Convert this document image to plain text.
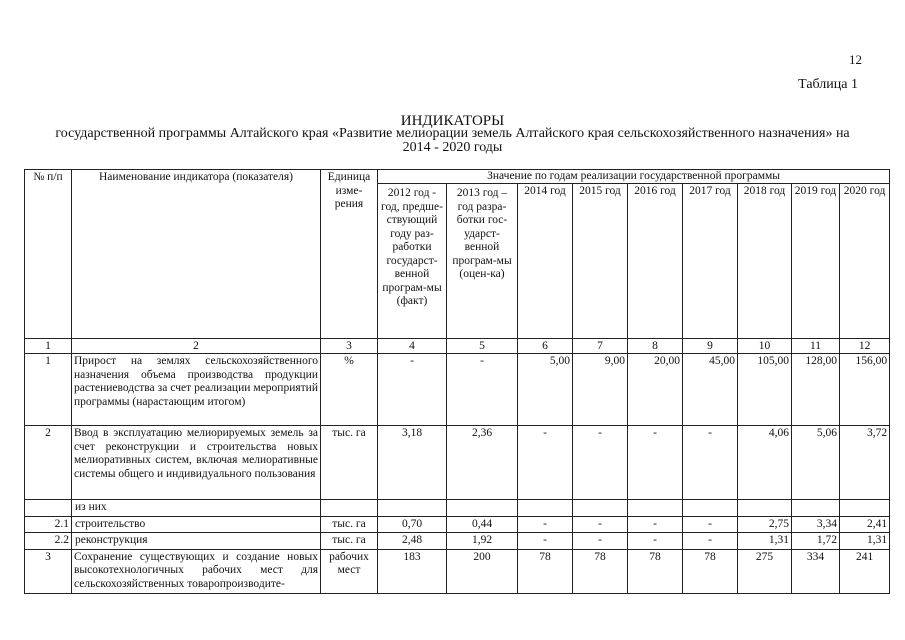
12
Таблица 1
ИНДИКАТОРЫ
государственной программы Алтайского края «Развитие мелиорации земель Алтайского края сельскохозяйственного назначения» на 2014 - 2020 годы
№ п/п	Наименование индикатора (показателя)	Единица изме-рения	Значение по годам реализации государственной программы								
			2012 год - год, предше-ствующий году раз-работки государст-венной програм-мы (факт)	2013 год – год разра-ботки гос-ударст-венной програм-мы (оцен-ка)	2014 год	2015 год	2016 год	2017 год	2018 год	2019 год	2020 год
1	2	3	4	5	6	7	8	9	10	11	12
1	Прирост на землях сельскохозяйственного назначения объема производства продукции растениеводства за счет реализации мероприятий программы (нарастающим итогом)	%	-	-	5,00	9,00	20,00	45,00	105,00	128,00	156,00
2	Ввод в эксплуатацию мелиорируемых земель за счет реконструкции и строительства новых мелиоративных систем, включая мелиоративные системы общего и индивидуального пользования	тыс. га	3,18	2,36	-	-	-	-	4,06	5,06	3,72
	из них										
2.1	строительство	тыс. га	0,70	0,44	-	-	-	-	2,75	3,34	2,41
2.2	реконструкция	тыс. га	2,48	1,92	-	-	-	-	1,31	1,72	1,31
3	Сохранение существующих и создание новых высокотехнологичных рабочих мест для сельскохозяйственных товаропроизводите-	рабочих мест	183	200	78	78	78	78	275	334	241
